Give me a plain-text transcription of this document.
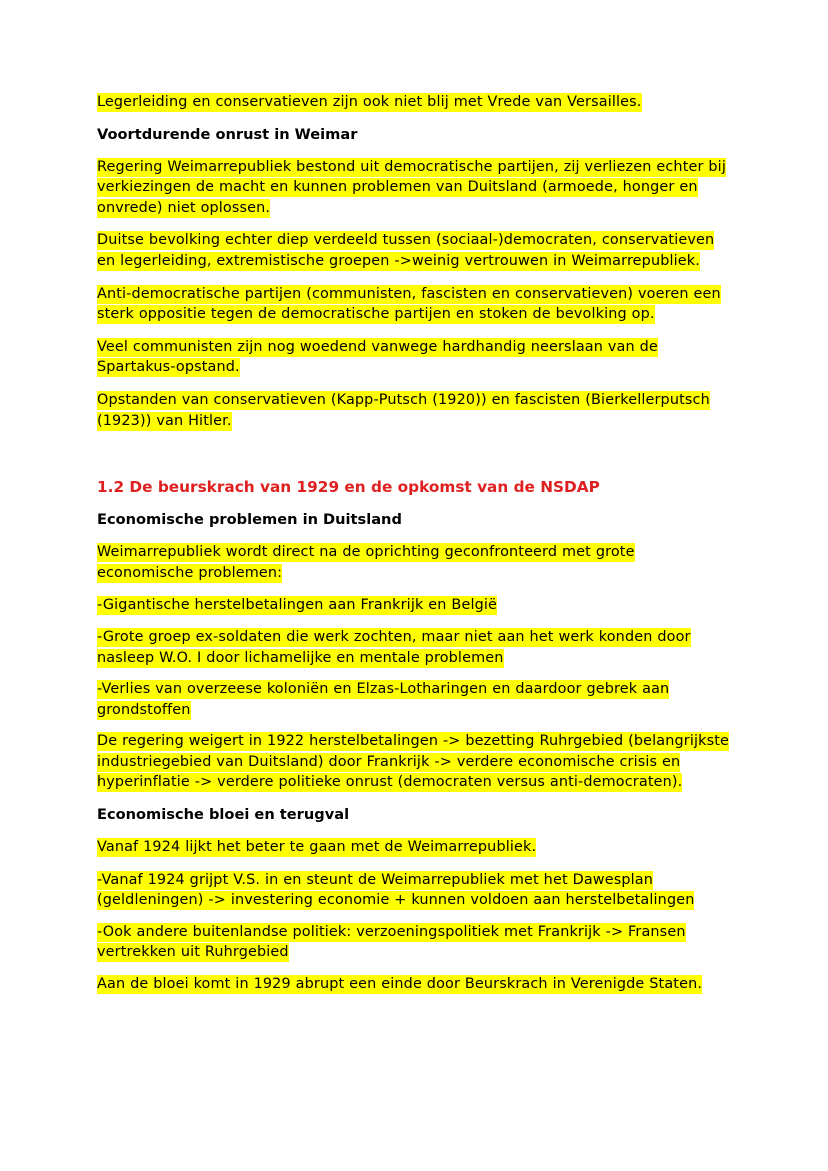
Legerleiding en conservatieven zijn ook niet blij met Vrede van Versailles.

Voortdurende onrust in Weimar

Regering Weimarrepubliek bestond uit democratische partijen, zij verliezen echter bij verkiezingen de macht en kunnen problemen van Duitsland (armoede, honger en onvrede) niet oplossen.

Duitse bevolking echter diep verdeeld tussen (sociaal-)democraten, conservatieven en legerleiding, extremistische groepen ->weinig vertrouwen in Weimarrepubliek.

Anti-democratische partijen (communisten, fascisten en conservatieven) voeren een sterk oppositie tegen de democratische partijen en stoken de bevolking op.

Veel communisten zijn nog woedend vanwege hardhandig neerslaan van de Spartakus-opstand.

Opstanden van conservatieven (Kapp-Putsch (1920)) en fascisten (Bierkellerputsch (1923)) van Hitler.

1.2 De beurskrach van 1929 en de opkomst van de NSDAP

Economische problemen in Duitsland

Weimarrepubliek wordt direct na de oprichting geconfronteerd met grote economische problemen:

-Gigantische herstelbetalingen aan Frankrijk en België

-Grote groep ex-soldaten die werk zochten, maar niet aan het werk konden door nasleep W.O. I door lichamelijke en mentale problemen

-Verlies van overzeese koloniën en Elzas-Lotharingen en daardoor gebrek aan grondstoffen

De regering weigert in 1922 herstelbetalingen -> bezetting Ruhrgebied (belangrijkste industriegebied van Duitsland) door Frankrijk -> verdere economische crisis en hyperinflatie -> verdere politieke onrust (democraten versus anti-democraten).

Economische bloei en terugval

Vanaf 1924 lijkt het beter te gaan met de Weimarrepubliek.

-Vanaf 1924 grijpt V.S. in en steunt de Weimarrepubliek met het Dawesplan (geldleningen) -> investering economie + kunnen voldoen aan herstelbetalingen

-Ook andere buitenlandse politiek: verzoeningspolitiek met Frankrijk -> Fransen vertrekken uit Ruhrgebied

Aan de bloei komt in 1929 abrupt een einde door Beurskrach in Verenigde Staten.
